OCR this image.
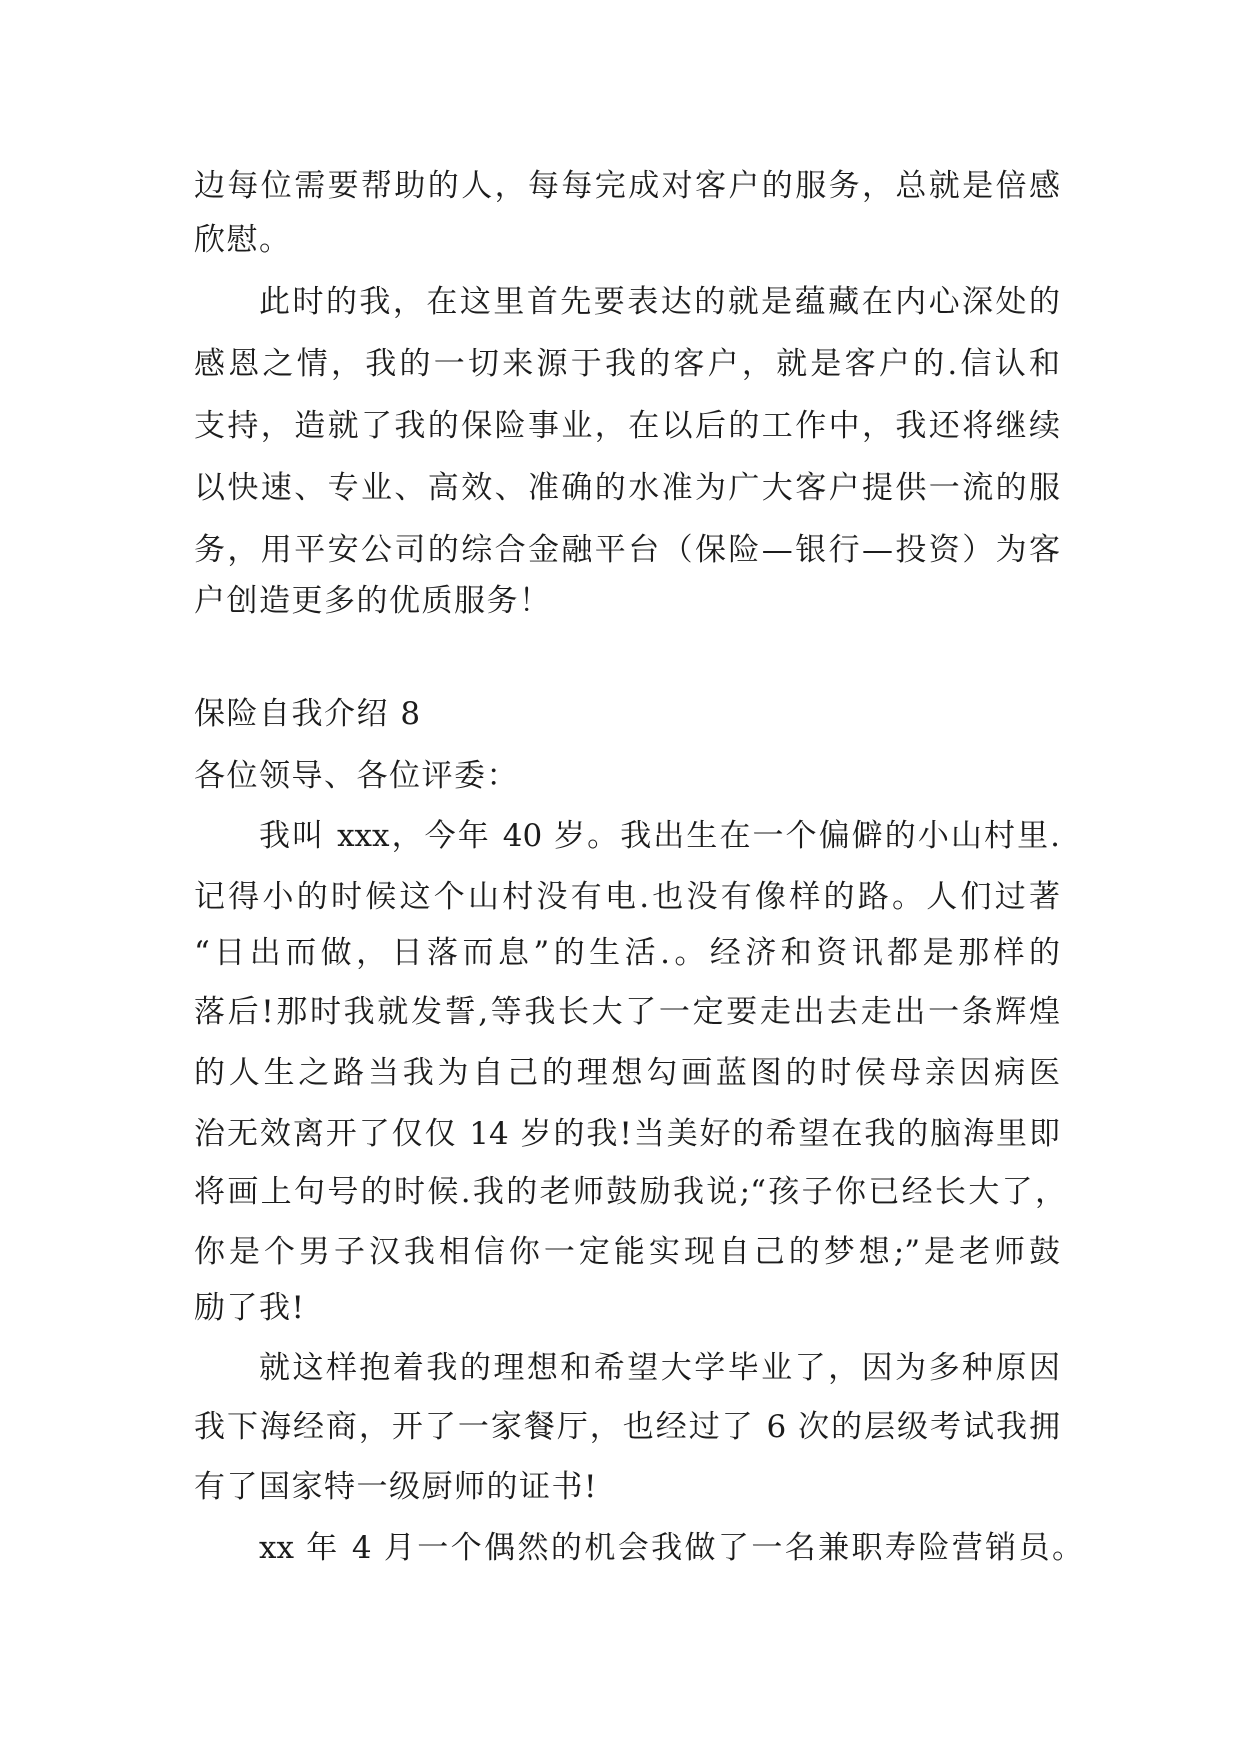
边每位需要帮助的人，每每完成对客户的服务，总就是倍感
欣慰。
此时的我，在这里首先要表达的就是蕴藏在内心深处的
感恩之情，我的一切来源于我的客户，就是客户的.信认和
支持，造就了我的保险事业，在以后的工作中，我还将继续
以快速、专业、高效、准确的水准为广大客户提供一流的服
务，用平安公司的综合金融平台（保险—银行—投资）为客
户创造更多的优质服务！
保险自我介绍 8
各位领导、各位评委：
我叫 xxx，今年 40 岁。我出生在一个偏僻的小山村里.
记得小的时候这个山村没有电.也没有像样的路。人们过著
“日出而做，日落而息”的生活.。经济和资讯都是那样的
落后!那时我就发誓,等我长大了一定要走出去走出一条辉煌
的人生之路当我为自己的理想勾画蓝图的时侯母亲因病医
治无效离开了仅仅 14 岁的我!当美好的希望在我的脑海里即
将画上句号的时候.我的老师鼓励我说;“孩子你已经长大了，
你是个男子汉我相信你一定能实现自己的梦想;”是老师鼓
励了我!
就这样抱着我的理想和希望大学毕业了，因为多种原因
我下海经商，开了一家餐厅，也经过了 6 次的层级考试我拥
有了国家特一级厨师的证书!
xx 年 4 月一个偶然的机会我做了一名兼职寿险营销员。
